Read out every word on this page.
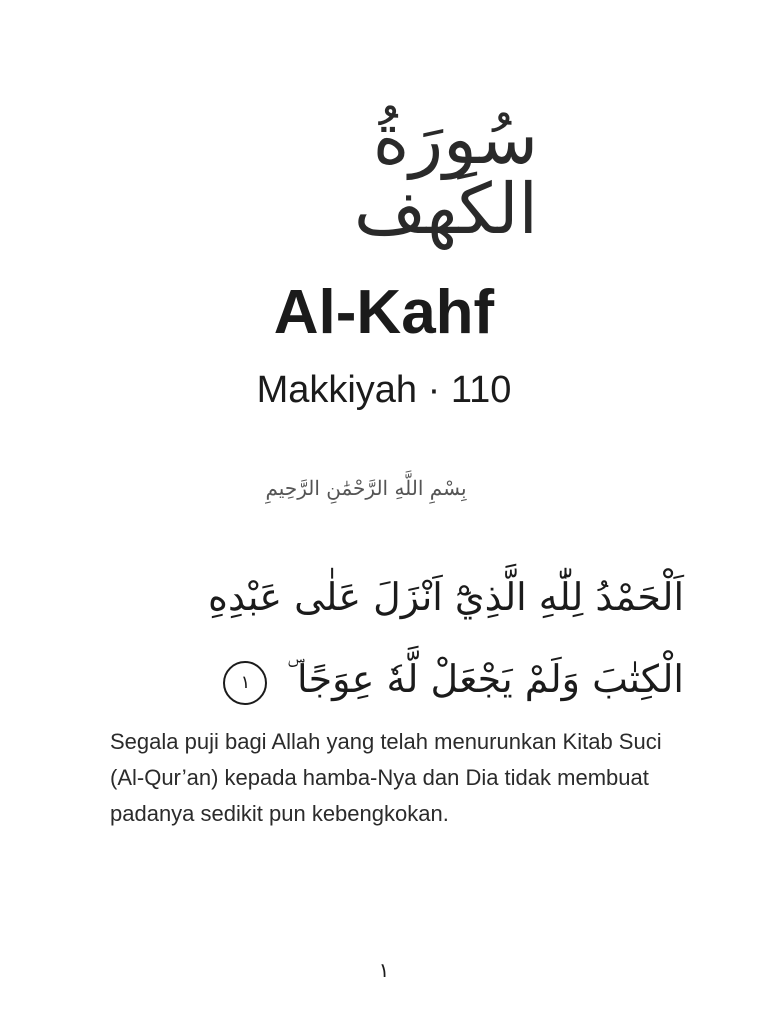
سُورَةُ الكَهف
Al-Kahf
Makkiyah · 110
بِسْمِ اللَّهِ الرَّحْمَٰنِ الرَّحِيمِ
اَلْحَمْدُ لِلّٰهِ الَّذِيْٓ اَنْزَلَ عَلٰى عَبْدِهِ الْكِتٰبَ وَلَمْ يَجْعَلْ لَّهٗ عِوَجًا ۜ ١
Segala puji bagi Allah yang telah menurunkan Kitab Suci (Al-Qur’an) kepada hamba-Nya dan Dia tidak membuat padanya sedikit pun kebengkokan.
١
